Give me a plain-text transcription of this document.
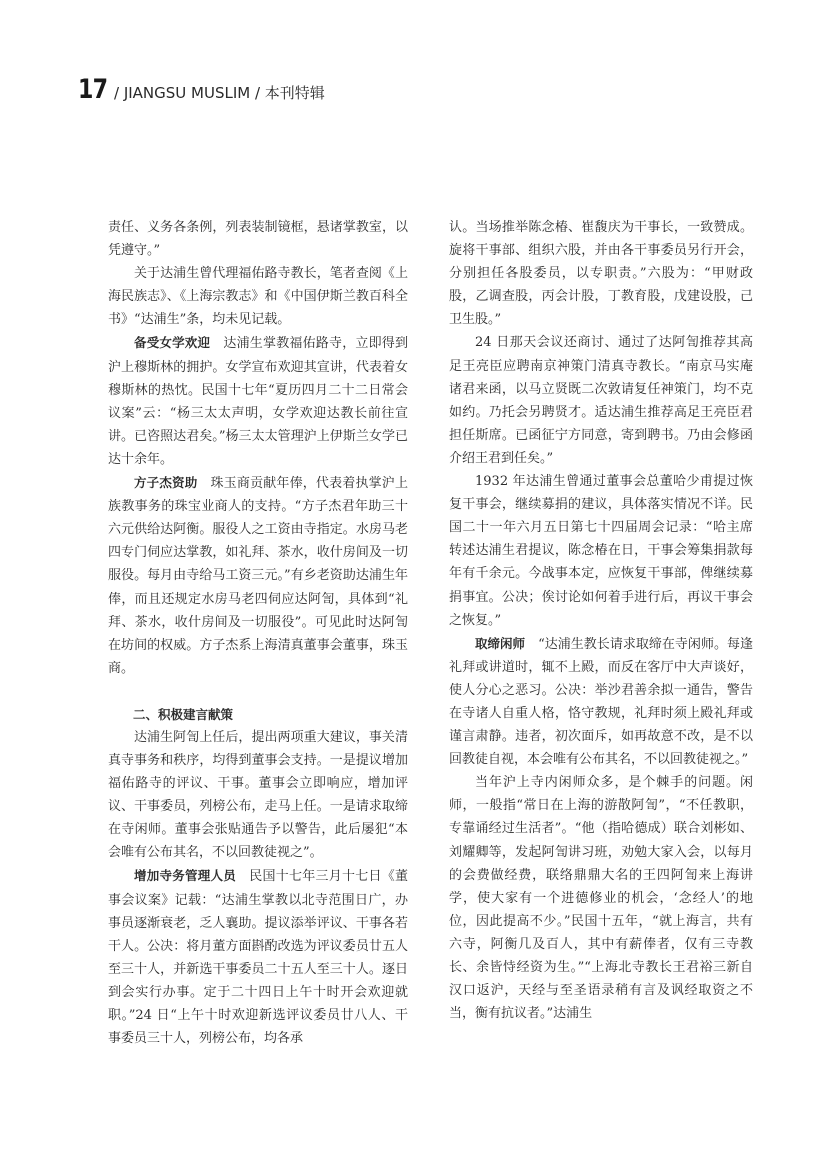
17 / JIANGSU MUSLIM / 本刊特辑

责任、义务各条例，列表装制镜框，悬诸掌教室，以凭遵守。”

关于达浦生曾代理福佑路寺教长，笔者查阅《上海民族志》、《上海宗教志》和《中国伊斯兰教百科全书》“达浦生”条，均未见记载。

备受女学欢迎  达浦生掌教福佑路寺，立即得到沪上穆斯林的拥护。女学宣布欢迎其宣讲，代表着女穆斯林的热忱。民国十七年“夏历四月二十二日常会议案”云：“杨三太太声明，女学欢迎达教长前往宣讲。已咨照达君矣。”杨三太太管理沪上伊斯兰女学已达十余年。

方子杰资助  珠玉商贡献年俸，代表着执掌沪上族教事务的珠宝业商人的支持。“方子杰君年助三十六元供给达阿衡。服役人之工资由寺指定。水房马老四专门伺应达掌教，如礼拜、茶水，收什房间及一切服役。每月由寺给马工资三元。”有乡老资助达浦生年俸，而且还规定水房马老四伺应达阿訇，具体到“礼拜、茶水，收什房间及一切服役”。可见此时达阿訇在坊间的权威。方子杰系上海清真董事会董事，珠玉商。

二、积极建言献策

达浦生阿訇上任后，提出两项重大建议，事关清真寺事务和秩序，均得到董事会支持。一是提议增加福佑路寺的评议、干事。董事会立即响应，增加评议、干事委员，列榜公布，走马上任。一是请求取缔在寺闲师。董事会张贴通告予以警告，此后屡犯“本会唯有公布其名，不以回教徒视之”。

增加寺务管理人员  民国十七年三月十七日《董事会议案》记载：“达浦生掌教以北寺范围日广，办事员逐渐衰老，乏人襄助。提议添举评议、干事各若干人。公决：将月董方面斟酌改选为评议委员廿五人至三十人，并新选干事委员二十五人至三十人。逐日到会实行办事。定于二十四日上午十时开会欢迎就职。”24 日“上午十时欢迎新选评议委员廿八人、干事委员三十人，列榜公布，均各承

认。当场推举陈念椿、崔馥庆为干事长，一致赞成。旋将干事部、组织六股，并由各干事委员另行开会，分别担任各股委员，以专职责。”六股为：“甲财政股，乙调查股，丙会计股，丁教育股，戊建设股，己卫生股。”

24 日那天会议还商讨、通过了达阿訇推荐其高足王亮臣应聘南京神策门清真寺教长。“南京马实庵诸君来函，以马立贤既二次敦请复任神策门，均不克如约。乃托会另聘贤才。适达浦生推荐高足王亮臣君担任斯席。已函征宁方同意，寄到聘书。乃由会修函介绍王君到任矣。”

1932 年达浦生曾通过董事会总董哈少甫提过恢复干事会，继续募捐的建议，具体落实情况不详。民国二十一年六月五日第七十四届周会记录：“哈主席转述达浦生君提议，陈念椿在日，干事会筹集捐款每年有千余元。今战事本定，应恢复干事部，俾继续募捐事宜。公决；俟讨论如何着手进行后，再议干事会之恢复。”

取缔闲师  “达浦生教长请求取缔在寺闲师。每逢礼拜或讲道时，辄不上殿，而反在客厅中大声谈好，使人分心之恶习。公决：举沙君善余拟一通告，警告在寺诸人自重人格，恪守教规，礼拜时须上殿礼拜或谨言肃静。违者，初次面斥，如再故意不改，是不以回教徒自视，本会唯有公布其名，不以回教徒视之。”

当年沪上寺内闲师众多，是个棘手的问题。闲师，一般指“常日在上海的游散阿訇”，“不任教职，专靠诵经过生活者”。“他（指哈德成）联合刘彬如、刘耀卿等，发起阿訇讲习班，劝勉大家入会，以每月的会费做经费，联络鼎鼎大名的王四阿訇来上海讲学，使大家有一个进德修业的机会，‘念经人’的地位，因此提高不少。”民国十五年，“就上海言，共有六寺，阿衡几及百人，其中有薪俸者，仅有三寺教长、余皆恃经资为生。”“上海北寺教长王君裕三新自汉口返沪，天经与至圣语录稍有言及讽经取资之不当，衡有抗议者。”达浦生
